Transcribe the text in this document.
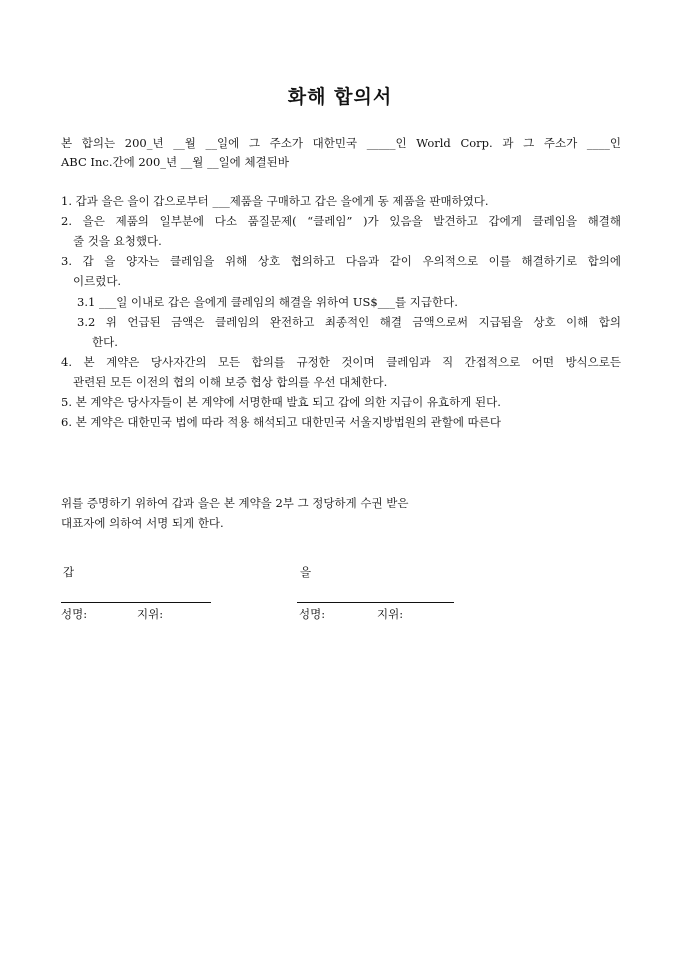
화해 합의서
본 합의는 200_년 __월 __일에 그 주소가 대한민국 _____인 World Corp. 과 그 주소가 ____인
ABC Inc.간에 200_년 __월 __일에 체결된바
1. 갑과 을은 을이 갑으로부터 ___제품을 구매하고 갑은 을에게 동 제품을 판매하였다.
2. 을은 제품의 일부분에 다소 품질문제( “클레임” )가 있음을 발견하고 갑에게 클레임을 해결해
줄 것을 요청했다.
3. 갑 을 양자는 클레임을 위해 상호 협의하고 다음과 같이 우의적으로 이를 해결하기로 합의에
이르렀다.
3.1 ___일 이내로 갑은 을에게 클레임의 해결을 위하여 US$___를 지급한다.
3.2 위 언급된 금액은 클레임의 완전하고 최종적인 해결 금액으로써 지급됨을 상호 이해 합의
한다.
4. 본 계약은 당사자간의 모든 합의를 규정한 것이며 클레임과 직 간접적으로 어떤 방식으로든
관련된 모든 이전의 협의 이해 보증 협상 합의를 우선 대체한다.
5. 본 계약은 당사자들이 본 계약에 서명한때 발효 되고 갑에 의한 지급이 유효하게 된다.
6. 본 계약은 대한민국 법에 따라 적용 해석되고 대한민국 서울지방법원의 관할에 따른다
위를 증명하기 위하여 갑과 을은 본 계약을 2부 그 정당하게 수권 받은
대표자에 의하여 서명 되게 한다.
갑
성명:	지위:
을
성명:	지위:
